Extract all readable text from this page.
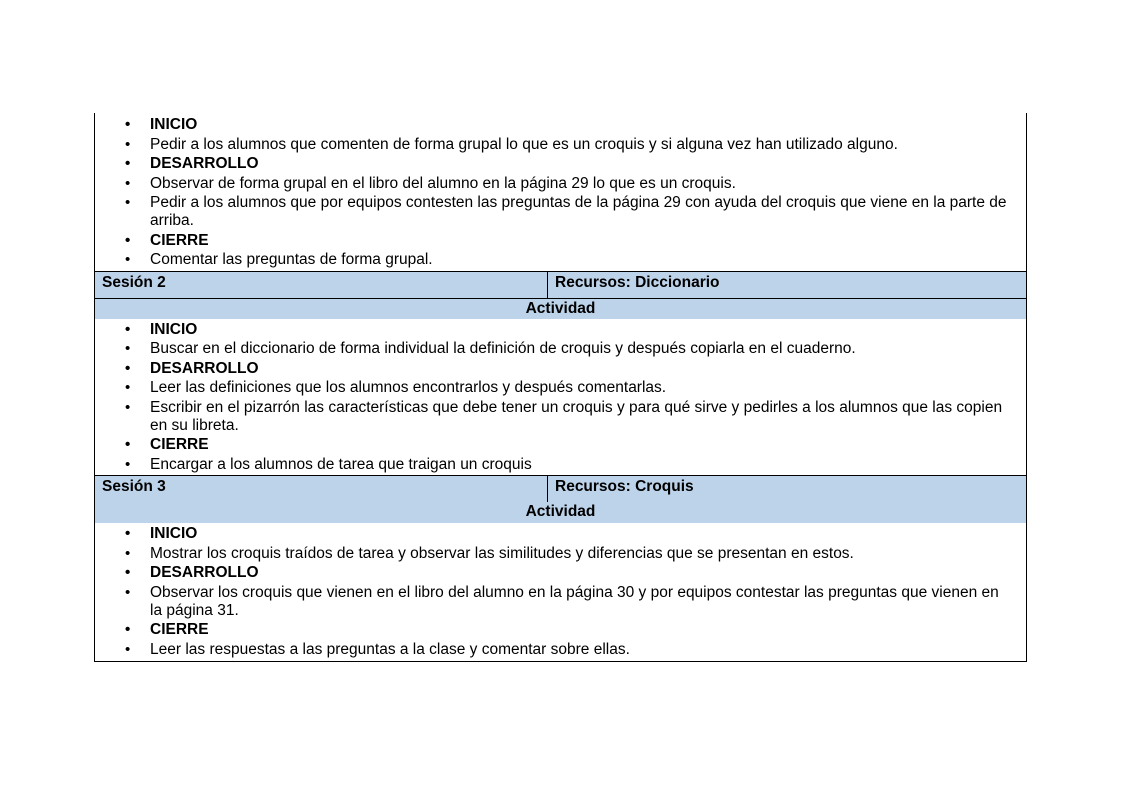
• INICIO
• Pedir a los alumnos que comenten de forma grupal lo que es un croquis y si alguna vez han utilizado alguno.
• DESARROLLO
• Observar de forma grupal en el libro del alumno en la página 29 lo que es un croquis.
• Pedir a los alumnos que por equipos contesten las preguntas de la página 29 con ayuda del croquis que viene en la parte de arriba.
• CIERRE
• Comentar las preguntas de forma grupal.
Sesión 2	Recursos: Diccionario
Actividad
• INICIO
• Buscar en el diccionario de forma individual la definición de croquis y después copiarla en el cuaderno.
• DESARROLLO
• Leer las definiciones que los alumnos encontrarlos y después comentarlas.
• Escribir en el pizarrón las características que debe tener un croquis y para qué sirve y pedirles a los alumnos que las copien en su libreta.
• CIERRE
• Encargar a los alumnos de tarea que traigan un croquis
Sesión 3	Recursos: Croquis
Actividad
• INICIO
• Mostrar los croquis traídos de tarea y observar las similitudes y diferencias que se presentan en estos.
• DESARROLLO
• Observar los croquis que vienen en el libro del alumno en la página 30 y por equipos contestar las preguntas que vienen en la página 31.
• CIERRE
• Leer las respuestas a las preguntas a la clase y comentar sobre ellas.
